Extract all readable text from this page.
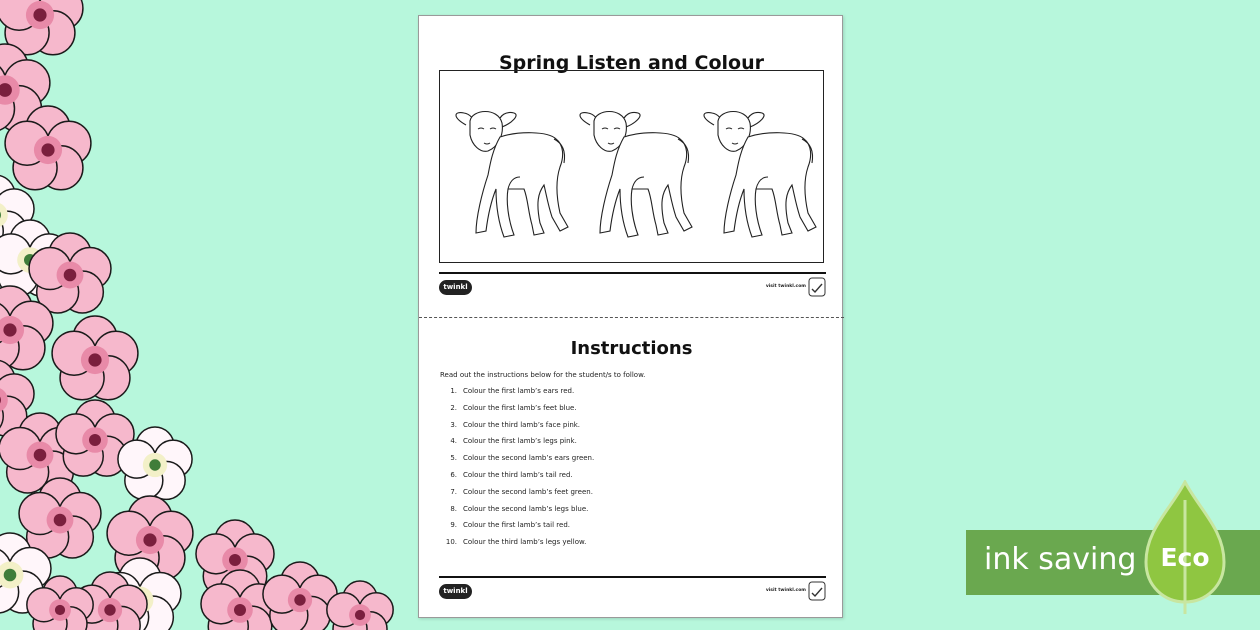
Spring Listen and Colour
twinkl	visit twinkl.com
Instructions
Read out the instructions below for the student/s to follow.
1. Colour the first lamb’s ears red.
2. Colour the first lamb’s feet blue.
3. Colour the third lamb’s face pink.
4. Colour the first lamb’s legs pink.
5. Colour the second lamb’s ears green.
6. Colour the third lamb’s tail red.
7. Colour the second lamb’s feet green.
8. Colour the second lamb’s legs blue.
9. Colour the first lamb’s tail red.
10. Colour the third lamb’s legs yellow.
twinkl	visit twinkl.com
ink saving Eco
